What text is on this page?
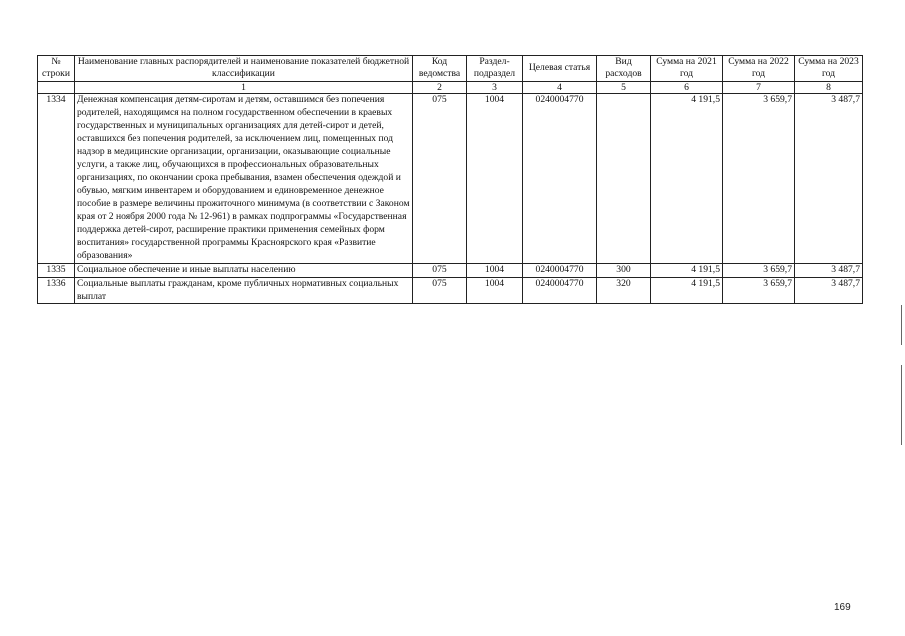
№ строки	Наименование главных распорядителей и наименование показателей бюджетной классификации	Код ведомства	Раздел-подраздел	Целевая статья	Вид расходов	Сумма на 2021 год	Сумма на 2022 год	Сумма на 2023 год
	1	2	3	4	5	6	7	8
1334	Денежная компенсация детям-сиротам и детям, оставшимся без попечения родителей, находящимся на полном государственном обеспечении в краевых государственных и муниципальных организациях для детей-сирот и детей, оставшихся без попечения родителей, за исключением лиц, помещенных под надзор в медицинские организации, организации, оказывающие социальные услуги, а также лиц, обучающихся в профессиональных образовательных организациях, по окончании срока пребывания, взамен обеспечения одеждой и обувью, мягким инвентарем и оборудованием и единовременное денежное пособие в размере величины прожиточного минимума (в соответствии с Законом края от 2 ноября 2000 года № 12-961) в рамках подпрограммы «Государственная поддержка детей-сирот, расширение практики применения семейных форм воспитания» государственной программы Красноярского края «Развитие образования»	075	1004	0240004770		4 191,5	3 659,7	3 487,7
1335	Социальное обеспечение и иные выплаты населению	075	1004	0240004770	300	4 191,5	3 659,7	3 487,7
1336	Социальные выплаты гражданам, кроме публичных нормативных социальных выплат	075	1004	0240004770	320	4 191,5	3 659,7	3 487,7
169
